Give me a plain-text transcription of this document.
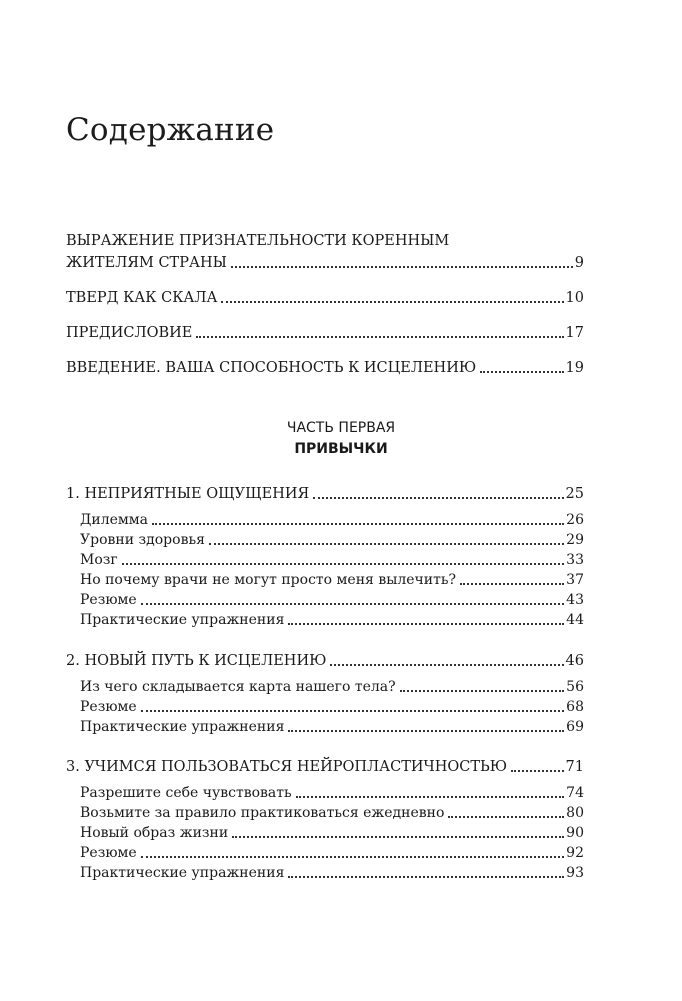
Содержание
ВЫРАЖЕНИЕ ПРИЗНАТЕЛЬНОСТИ КОРЕННЫМ
ЖИТЕЛЯМ СТРАНЫ	9
ТВЕРД КАК СКАЛА	10
ПРЕДИСЛОВИЕ	17
ВВЕДЕНИЕ. ВАША СПОСОБНОСТЬ К ИСЦЕЛЕНИЮ	19
1. НЕПРИЯТНЫЕ ОЩУЩЕНИЯ	25
Дилемма	26
Уровни здоровья	29
Мозг	33
Но почему врачи не могут просто меня вылечить?	37
Резюме	43
Практические упражнения	44
2. НОВЫЙ ПУТЬ К ИСЦЕЛЕНИЮ	46
Из чего складывается карта нашего тела?	56
Резюме	68
Практические упражнения	69
3. УЧИМСЯ ПОЛЬЗОВАТЬСЯ НЕЙРОПЛАСТИЧНОСТЬЮ	71
Разрешите себе чувствовать	74
Возьмите за правило практиковаться ежедневно	80
Новый образ жизни	90
Резюме	92
Практические упражнения	93
ЧАСТЬ ПЕРВАЯ
ПРИВЫЧКИ
